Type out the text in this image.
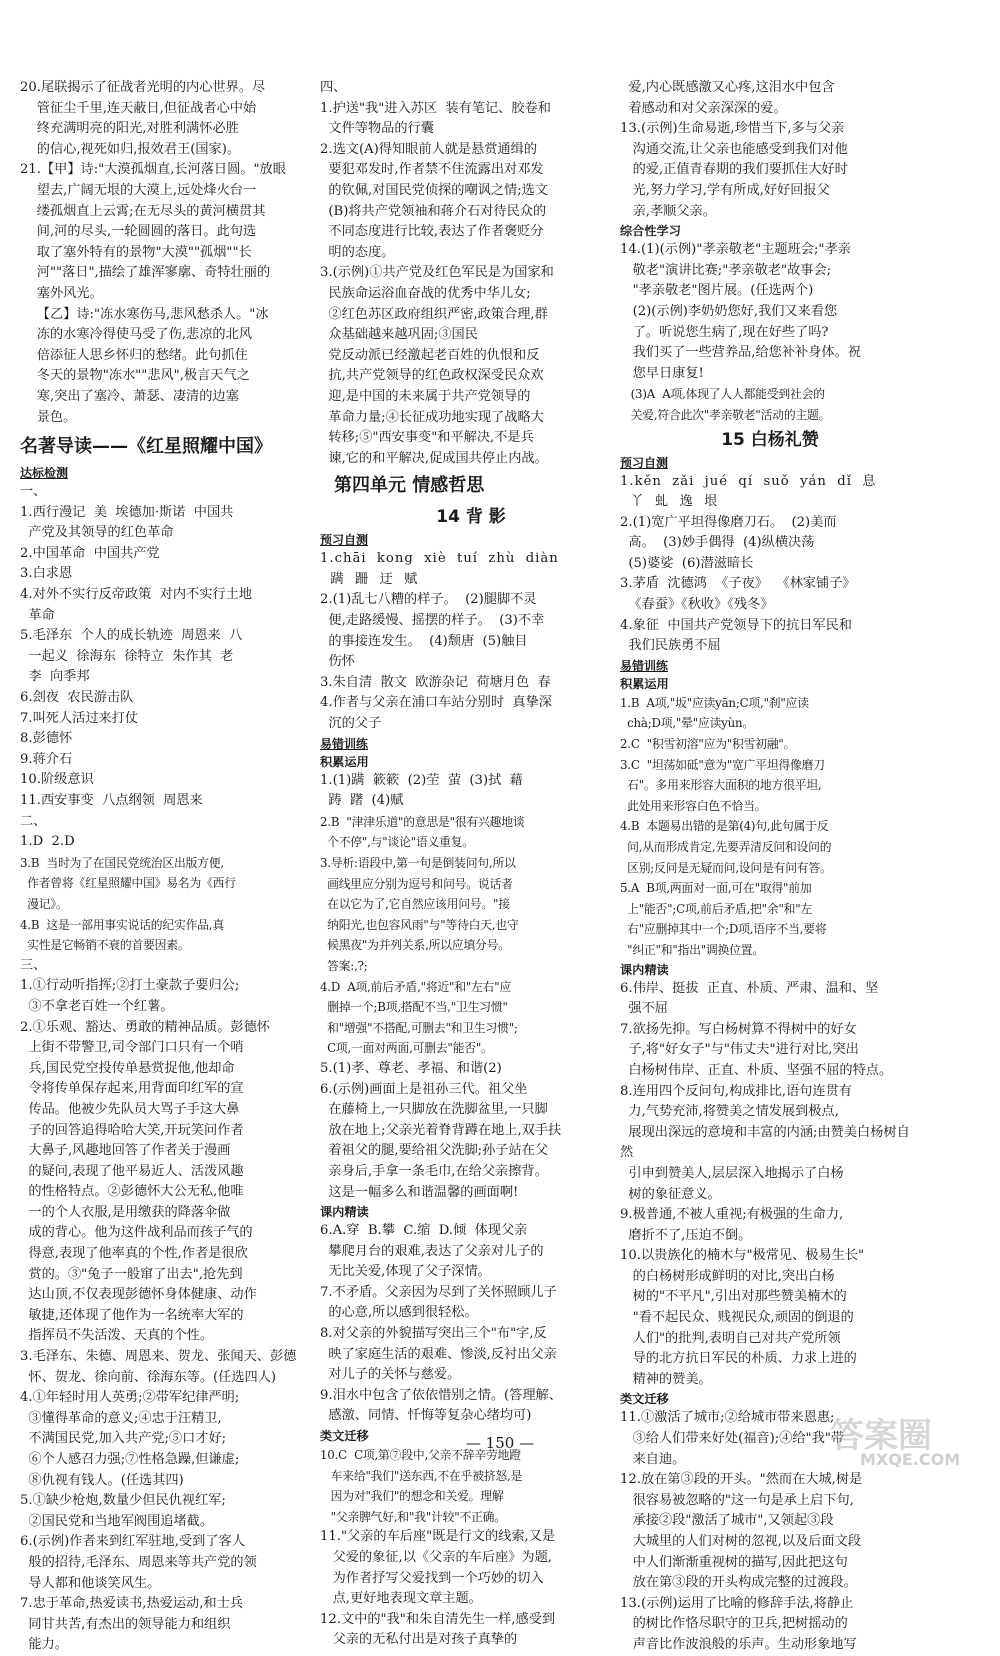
20.尾联揭示了征战者光明的内心世界。尽
管征尘千里,连天蔽日,但征战者心中始
终充满明亮的阳光,对胜利满怀必胜
的信心,视死如归,报效君王(国家)。
21.【甲】诗:"大漠孤烟直,长河落日圆。"放眼
望去,广阔无垠的大漠上,远处烽火台一
缕孤烟直上云霄;在无尽头的黄河横贯其
间,河的尽头,一轮圆圆的落日。此句选
取了塞外特有的景物"大漠""孤烟""长
河""落日",描绘了雄浑寥廓、奇特壮丽的
塞外风光。
【乙】诗:"冻水寒伤马,悲风愁杀人。"冰
冻的水寒冷得使马受了伤,悲凉的北风
倍添征人思乡怀归的愁绪。此句抓住
冬天的景物"冻水""悲风",极言天气之
寒,突出了塞冷、萧瑟、凄清的边塞
景色。
名著导读——《红星照耀中国》
达标检测
一、
1.西行漫记  美  埃德加·斯诺  中国共
产党及其领导的红色革命
2.中国革命  中国共产党
3.白求恩
4.对外不实行反帝政策  对内不实行土地
革命
5.毛泽东  个人的成长轨迹  周恩来  八
一起义  徐海东  徐特立  朱作其  老
李  向季邦
6.刽夜  农民游击队
7.叫死人活过来打仗
8.彭德怀
9.蒋介石
10.阶级意识
11.西安事变  八点纲领  周恩来
二、
1.D  2.D
3.B  当时为了在国民党统治区出版方便,
作者曾将《红星照耀中国》易名为《西行
漫记》。
4.B  这是一部用事实说话的纪实作品,真
实性是它畅销不衰的首要因素。
三、
1.①行动听指挥;②打土豪款子要归公;
③不拿老百姓一个红薯。
2.①乐观、豁达、勇敢的精神品质。彭德怀
上街不带警卫,司令部门口只有一个哨
兵,国民党空投传单悬赏捉他,他却命
令将传单保存起来,用背面印红军的宣
传品。他被少先队员大骂子手这大鼻
子的回答追得哈哈大笑,开玩笑问作者
大鼻子,风趣地回答了作者关于漫画
的疑问,表现了他平易近人、活泼风趣
的性格特点。②彭德怀大公无私,他唯
一的个人衣服,是用缴获的降落伞做
成的背心。他为这件战利品而孩子气的
得意,表现了他率真的个性,作者是很欣
赏的。③"兔子一般窜了出去",抢先到
达山顶,不仅表现彭德怀身体健康、动作
敏捷,还体现了他作为一名统率大军的
指挥员不失活泼、天真的个性。
3.毛泽东、朱德、周恩来、贺龙、张闻天、彭德
怀、贺龙、徐向前、徐海东等。(任选四人)
4.①年轻时用人英勇;②带军纪律严明;
③懂得革命的意义;④忠于汪精卫,
不满国民党,加入共产党;⑤口才好;
⑥个人感召力强;⑦性格急躁,但谦虚;
⑧仇视有钱人。(任选其四)
5.①缺少枪炮,数量少但民仇视红军;
②国民党和当地军阀围追堵截。
6.(示例)作者来到红军驻地,受到了客人
般的招待,毛泽东、周恩来等共产党的领
导人都和他谈笑风生。
7.忠于革命,热爱读书,热爱运动,和士兵
同甘共苦,有杰出的领导能力和组织
能力。
四、
1.护送"我"进入苏区  装有笔记、胶卷和
文件等物品的行囊
2.选文(A)得知眼前人就是悬赏通缉的
要犯邓发时,作者禁不住流露出对邓发
的钦佩,对国民党侦探的嘲讽之情;选文
(B)将共产党领袖和蒋介石对待民众的
不同态度进行比较,表达了作者褒贬分
明的态度。
3.(示例)①共产党及红色军民是为国家和
民族命运浴血奋战的优秀中华儿女;
②红色苏区政府组织严密,政策合理,群
众基础越来越巩固;③国民
党反动派已经激起老百姓的仇恨和反
抗,共产党领导的红色政权深受民众欢
迎,是中国的未来属于共产党领导的
革命力量;④长征成功地实现了战略大
转移;⑤"西安事变"和平解决,不是兵
谏,它的和平解决,促成国共停止内战。
第四单元 情感哲思
14 背 影
预习自测
1.chāi  kong  xiè  tuí  zhù  diàn
蹒  跚  迂  赋
2.(1)乱七八糟的样子。  (2)腿脚不灵
便,走路缓慢、摇摆的样子。  (3)不幸
的事接连发生。  (4)颓唐  (5)触目
伤怀
3.朱自清  散文  欧游杂记  荷塘月色  春
4.作者与父亲在浦口车站分别时  真挚深
沉的父子
易错训练
积累运用
1.(1)蹒  簌簌  (2)茔  萤  (3)拭  藉
踌  躇  (4)赋
2.B  "津津乐道"的意思是"很有兴趣地谈
个不停",与"谈论"语义重复。
3.导析:语段中,第一句是倒装问句,所以
画线里应分别为逗号和问号。说话者
在以它为了,它自然应该用问号。"接
纳阳光,也包容风雨"与"等待白天,也守
候黑夜"为并列关系,所以应填分号。
答案:,?;
4.D  A项,前后矛盾,"将近"和"左右"应
删掉一个;B项,搭配不当,"卫生习惯"
和"增强"不搭配,可删去"和卫生习惯";
C项,一面对两面,可删去"能否"。
5.(1)孝、尊老、孝福、和谐(2)
6.(示例)画面上是祖孙三代。祖父坐
在藤椅上,一只脚放在洗脚盆里,一只脚
放在地上;父亲光着脊背蹲在地上,双手扶
着祖父的腿,要给祖父洗脚;孙子站在父
亲身后,手拿一条毛巾,在给父亲擦背。
这是一幅多么和谐温馨的画面啊!
课内精读
6.A.穿  B.攀  C.缩  D.倾  体现父亲
攀爬月台的艰难,表达了父亲对儿子的
无比关爱,体现了父子深情。
7.不矛盾。父亲因为尽到了关怀照顾儿子
的心意,所以感到很轻松。
8.对父亲的外貌描写突出三个"布"字,反
映了家庭生活的艰难、惨淡,反衬出父亲
对儿子的关怀与慈爱。
9.泪水中包含了依依惜别之情。(答理解、
感激、同情、忏悔等复杂心绪均可)
类文迁移
10.C  C项,第⑦段中,父亲不辞辛劳地蹬
车来给"我们"送东西,不在乎被挤怒,是
因为对"我们"的想念和关爱。理解
"父亲脾气好,和"我"计较"不正确。
11."父亲的车后座"既是行文的线索,又是
父爱的象征,以《父亲的车后座》为题,
为作者抒写父爱找到一个巧妙的切入
点,更好地表现文章主题。
12.文中的"我"和朱自清先生一样,感受到
父亲的无私付出是对孩子真挚的
爱,内心既感激又心疼,这泪水中包含
着感动和对父亲深深的爱。
13.(示例)生命易逝,珍惜当下,多与父亲
沟通交流,让父亲也能感受到我们对他
的爱,正值青春期的我们要抓住大好时
光,努力学习,学有所成,好好回报父
亲,孝顺父亲。
综合性学习
14.(1)(示例)"孝亲敬老"主题班会;"孝亲
敬老"演讲比赛;"孝亲敬老"故事会;
"孝亲敬老"图片展。(任选两个)
(2)(示例)李奶奶您好,我们又来看您
了。听说您生病了,现在好些了吗?
我们买了一些营养品,给您补补身体。祝
您早日康复!
(3)A  A项,体现了人人都能受到社会的
关爱,符合此次"孝亲敬老"活动的主题。
15 白杨礼赞
预习自测
1.kěn  zǎi  jué  qí  suǒ  yán  dǐ  息
丫  虬  逸  垠
2.(1)宽广平坦得像磨刀石。  (2)美而
高。  (3)妙手偶得  (4)纵横决荡
(5)婆娑  (6)潜滋暗长
3.茅盾  沈德鸿  《子夜》  《林家铺子》
《春蚕》《秋收》《残冬》
4.象征  中国共产党领导下的抗日军民和
我们民族勇不屈
易错训练
积累运用
1.B  A项,"坂"应读yān;C项,"刹"应读
chà;D项,"晕"应读yùn。
2.C  "积雪初溶"应为"积雪初融"。
3.C  "坦荡如砥"意为"宽广平坦得像磨刀
石"。多用来形容大面积的地方很平坦,
此处用来形容白色不恰当。
4.B  本题易出错的是第(4)句,此句属于反
问,从而形成肯定,先要弄清反问和设问的
区别;反问是无疑而问,设问是有问有答。
5.A  B项,两面对一面,可在"取得"前加
上"能否";C项,前后矛盾,把"余"和"左
右"应删掉其中一个;D项,语序不当,要将
"纠正"和"指出"调换位置。
课内精读
6.伟岸、挺拔  正直、朴质、严肃、温和、坚
强不屈
7.欲扬先抑。写白杨树算不得树中的好女
子,将"好女子"与"伟丈夫"进行对比,突出
白杨树伟岸、正直、朴质、坚强不屈的特点。
8.连用四个反问句,构成排比,语句连贯有
力,气势充沛,将赞美之情发展到极点,
展现出深远的意境和丰富的内涵;由赞美白杨树自然
引申到赞美人,层层深入地揭示了白杨
树的象征意义。
9.极普通,不被人重视;有极强的生命力,
磨折不了,压迫不倒。
10.以贵族化的楠木与"极常见、极易生长"
的白杨树形成鲜明的对比,突出白杨
树的"不平凡",引出对那些赞美楠木的
"看不起民众、贱视民众,顽固的倒退的
人们"的批判,表明自己对共产党所领
导的北方抗日军民的朴质、力求上进的
精神的赞美。
类文迁移
11.①激活了城市;②给城市带来恩惠;
③给人们带来好处(福音);④给"我"带
来自迪。
12.放在第③段的开头。"然而在大城,树是
很容易被忽略的"这一句是承上启下句,
承接②段"激活了城市",又领起③段
大城里的人们对树的忽视,以及后面文段
中人们渐渐重视树的描写,因此把这句
放在第③段的开头构成完整的过渡段。
13.(示例)运用了比喻的修辞手法,将静止
的树比作恪尽职守的卫兵,把树摇动的
声音比作波浪般的乐声。生动形象地写
— 150 —	答案圈
MXQE.COM
